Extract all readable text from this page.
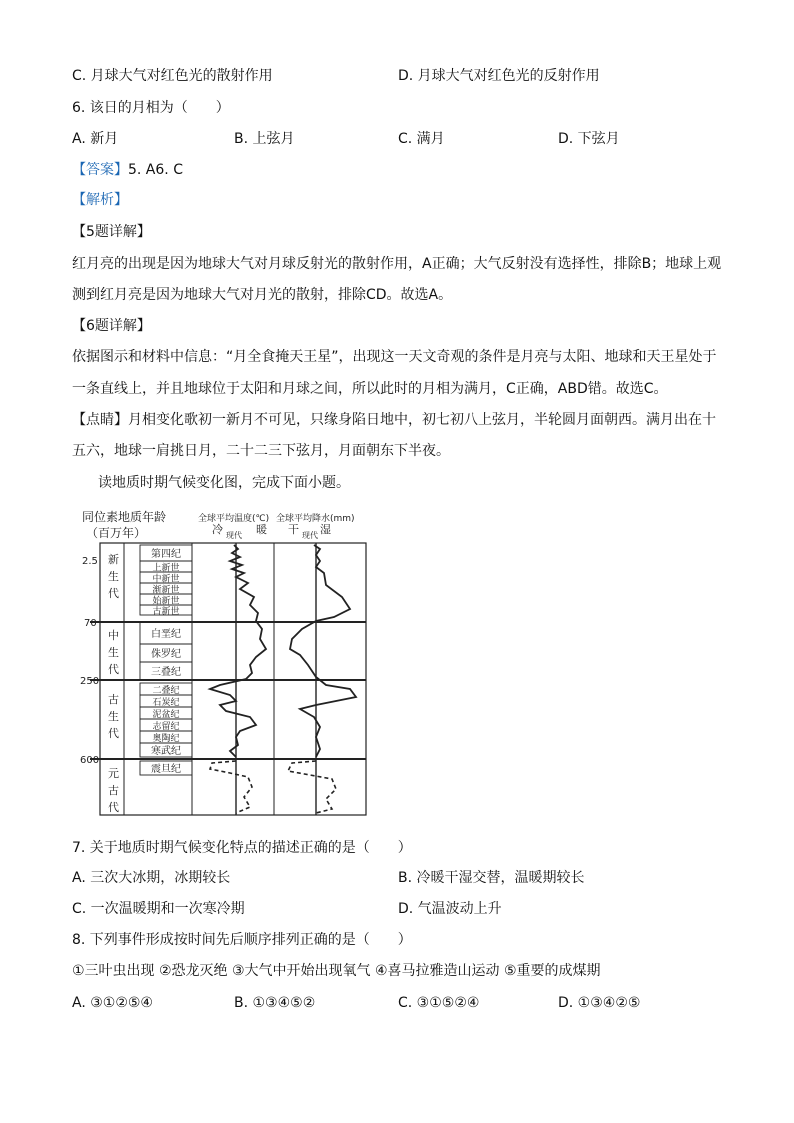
C. 月球大气对红色光的散射作用	D. 月球大气对红色光的反射作用
6. 该日的月相为（　　）
A. 新月	B. 上弦月	C. 满月	D. 下弦月
【答案】5. A6. C
【解析】
【5题详解】
红月亮的出现是因为地球大气对月球反射光的散射作用，A正确；大气反射没有选择性，排除B；地球上观
测到红月亮是因为地球大气对月光的散射，排除CD。故选A。
【6题详解】
依据图示和材料中信息：“月全食掩天王星”，出现这一天文奇观的条件是月亮与太阳、地球和天王星处于
一条直线上，并且地球位于太阳和月球之间，所以此时的月相为满月，C正确，ABD错。故选C。
【点睛】月相变化歌初一新月不可见，只缘身陷日地中，初七初八上弦月，半轮圆月面朝西。满月出在十
五六，地球一肩挑日月，二十二三下弦月，月面朝东下半夜。
读地质时期气候变化图，完成下面小题。
同位素地质年龄
（百万年）
全球平均温度(℃) 全球平均降水(mm)
冷 现代 暖 干 现代 湿
2.5
70
250
600
新
生
代
中
生
代
古
生
代
元
古
代
第四纪
上新世
中新世
渐新世
始新世
古新世
白垩纪
侏罗纪
三叠纪
二叠纪
石炭纪
泥盆纪
志留纪
奥陶纪
寒武纪
震旦纪
7. 关于地质时期气候变化特点的描述正确的是（　　）
A. 三次大冰期，冰期较长	B. 冷暖干湿交替，温暖期较长
C. 一次温暖期和一次寒冷期	D. 气温波动上升
8. 下列事件形成按时间先后顺序排列正确的是（　　）
①三叶虫出现 ②恐龙灭绝 ③大气中开始出现氧气 ④喜马拉雅造山运动 ⑤重要的成煤期
A. ③①②⑤④	B. ①③④⑤②	C. ③①⑤②④	D. ①③④②⑤
